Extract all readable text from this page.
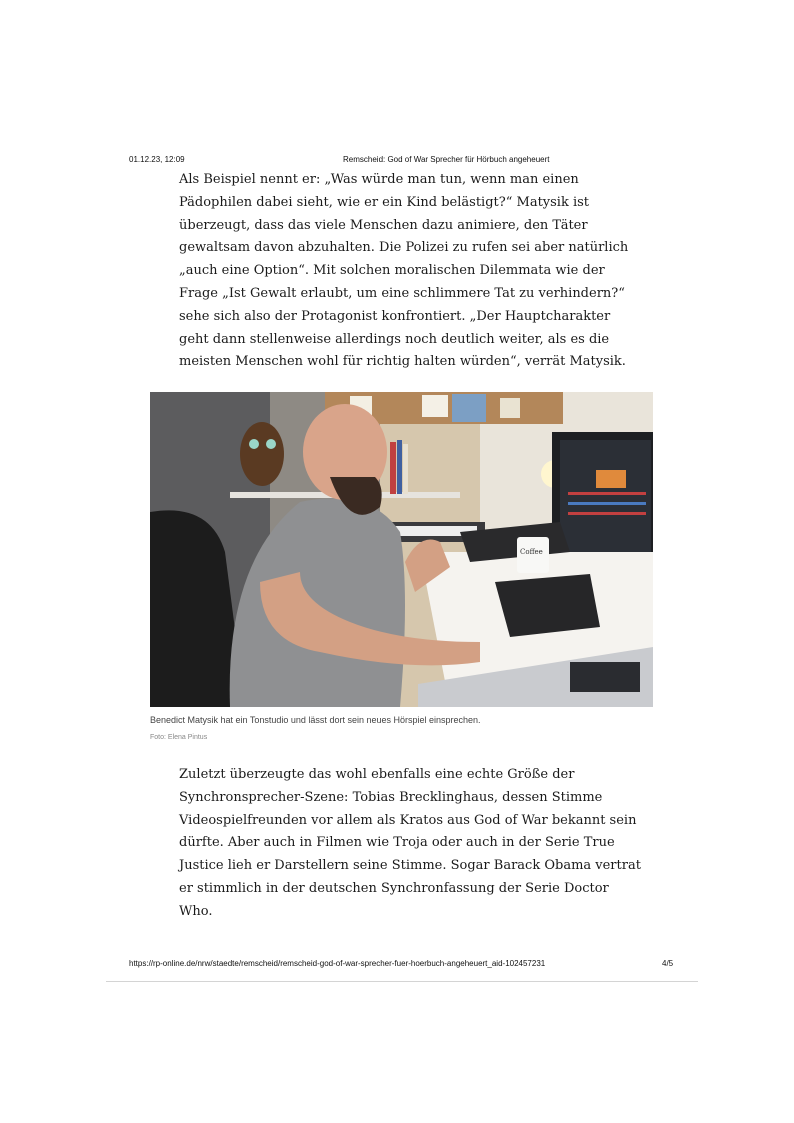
01.12.23, 12:09	Remscheid: God of War Sprecher für Hörbuch angeheuert
Als Beispiel nennt er: „Was würde man tun, wenn man einen
Pädophilen dabei sieht, wie er ein Kind belästigt?“ Matysik ist
überzeugt, dass das viele Menschen dazu animiere, den Täter
gewaltsam davon abzuhalten. Die Polizei zu rufen sei aber natürlich
„auch eine Option“. Mit solchen moralischen Dilemmata wie der
Frage „Ist Gewalt erlaubt, um eine schlimmere Tat zu verhindern?“
sehe sich also der Protagonist konfrontiert. „Der Hauptcharakter
geht dann stellenweise allerdings noch deutlich weiter, als es die
meisten Menschen wohl für richtig halten würden“, verrät Matysik.
Coffee
Benedict Matysik hat ein Tonstudio und lässt dort sein neues Hörspiel einsprechen.
Foto: Elena Pintus
Zuletzt überzeugte das wohl ebenfalls eine echte Größe der
Synchronsprecher-Szene: Tobias Brecklinghaus, dessen Stimme
Videospielfreunden vor allem als Kratos aus God of War bekannt sein
dürfte. Aber auch in Filmen wie Troja oder auch in der Serie True
Justice lieh er Darstellern seine Stimme. Sogar Barack Obama vertrat
er stimmlich in der deutschen Synchronfassung der Serie Doctor
Who.
https://rp-online.de/nrw/staedte/remscheid/remscheid-god-of-war-sprecher-fuer-hoerbuch-angeheuert_aid-102457231	4/5
